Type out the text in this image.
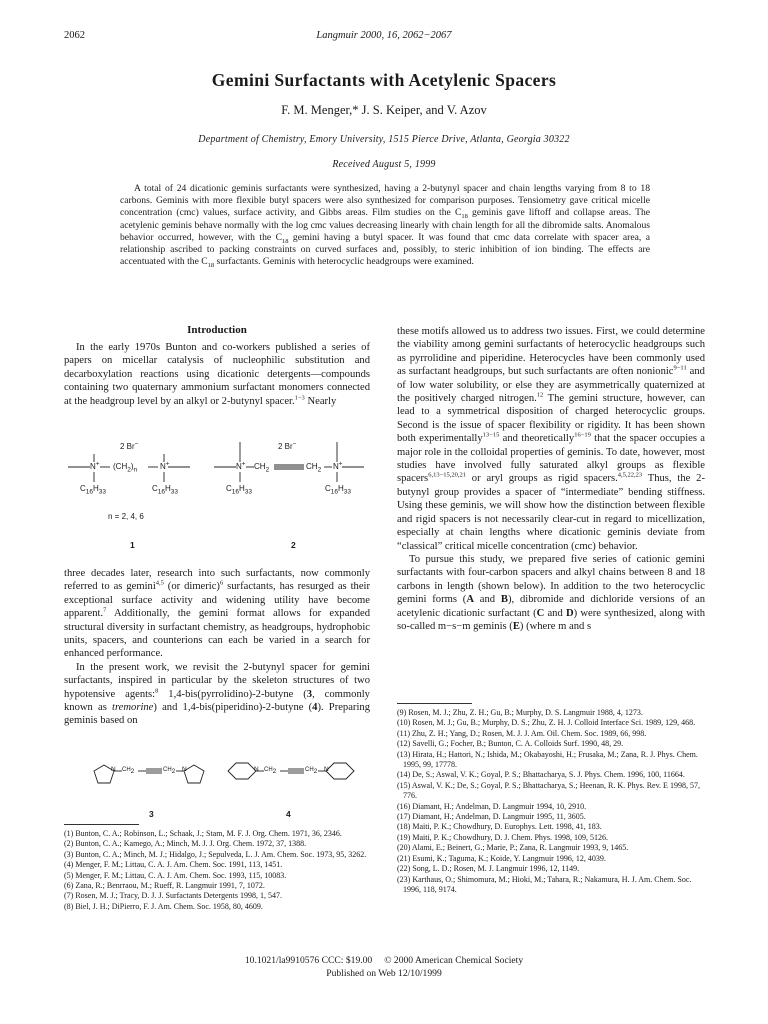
2062	Langmuir 2000, 16, 2062−2067
Gemini Surfactants with Acetylenic Spacers
F. M. Menger,* J. S. Keiper, and V. Azov
Department of Chemistry, Emory University, 1515 Pierce Drive, Atlanta, Georgia 30322
Received August 5, 1999
A total of 24 dicationic geminis surfactants were synthesized, having a 2-butynyl spacer and chain lengths varying from 8 to 18 carbons. Geminis with more flexible butyl spacers were also synthesized for comparison purposes. Tensiometry gave critical micelle concentration (cmc) values, surface activity, and Gibbs areas. Film studies on the $C_{18}$ geminis gave liftoff and collapse areas. The acetylenic geminis behave normally with the log cmc values decreasing linearly with chain length for all the dibromide salts. Anomalous behavior occurred, however, with the $C_{18}$ gemini having a butyl spacer. It was found that cmc data correlate with spacer area, a relationship ascribed to packing constraints on curved surfaces and, possibly, to steric inhibition of ion binding. The effects are accentuated with the $C_{18}$ surfactants. Geminis with heterocyclic headgroups were examined.
Introduction

In the early 1970s Bunton and co-workers published a series of papers on micellar catalysis of nucleophilic substitution and decarboxylation reactions using dicationic detergents—compounds containing two quaternary ammonium surfactant monomers connected at the headgroup level by an alkyl or 2-butynyl spacer.$^{1-3}$ Nearly

2 Br−
N+ $(CH_2)_n$	N+
$C_{16}H_{33}$	$C_{16}H_{33}$
n = 2, 4, 6
1
2 Br−
N+ $CH_2$	$CH_2$ N+
$C_{16}H_{33}$	$C_{16}H_{33}$
2

three decades later, research into such surfactants, now commonly referred to as gemini$^{4,5}$ (or dimeric)$^6$ surfactants, has resurged as their exceptional surface activity and widening utility have become apparent.$^7$ Additionally, the gemini format allows for expanded structural diversity in surfactant chemistry, as headgroups, hydrophobic units, spacers, and counterions can each be varied in a search for enhanced performance.

In the present work, we revisit the 2-butynyl spacer for gemini surfactants, inspired in particular by the skeleton structures of two hypotensive agents:$^8$ 1,4-bis(pyrrolidino)-2-butyne (3, commonly known as tremorine) and 1,4-bis(piperidino)-2-butyne (4). Preparing geminis based on

N $CH_2$	$CH_2$ N
3
N $CH_2$	$CH_2$ N
4
(1) Bunton, C. A.; Robinson, L.; Schaak, J.; Stam, M. F. J. Org. Chem. 1971, 36, 2346.
(2) Bunton, C. A.; Kamego, A.; Minch, M. J. J. Org. Chem. 1972, 37, 1388.
(3) Bunton, C. A.; Minch, M. J.; Hidalgo, J.; Sepulveda, L. J. Am. Chem. Soc. 1973, 95, 3262.
(4) Menger, F. M.; Littau, C. A. J. Am. Chem. Soc. 1991, 113, 1451.
(5) Menger, F. M.; Littau, C. A. J. Am. Chem. Soc. 1993, 115, 10083.
(6) Zana, R.; Benrraou, M.; Rueff, R. Langmuir 1991, 7, 1072.
(7) Rosen, M. J.; Tracy, D. J. J. Surfactants Detergents 1998, 1, 547.
(8) Biel, J. H.; DiPierro, F. J. Am. Chem. Soc. 1958, 80, 4609.

these motifs allowed us to address two issues. First, we could determine the viability among gemini surfactants of heterocyclic headgroups such as pyrrolidine and piperidine. Heterocycles have been commonly used as surfactant headgroups, but such surfactants are often nonionic$^{9-11}$ and of low water solubility, or else they are asymmetrically quaternized at the positively charged nitrogen.$^{12}$ The gemini structure, however, can lead to a symmetrical disposition of charged heterocyclic groups. Second is the issue of spacer flexibility or rigidity. It has been shown both experimentally$^{13-15}$ and theoretically$^{16-19}$ that the spacer occupies a major role in the colloidal properties of geminis. To date, however, most studies have involved fully saturated alkyl groups as flexible spacers$^{6,13-15,20,21}$ or aryl groups as rigid spacers.$^{4,5,22,23}$ Thus, the 2-butynyl group provides a spacer of “intermediate” bending stiffness. Using these geminis, we will show how the distinction between flexible and rigid spacers is not necessarily clear-cut in regard to micellization, especially at chain lengths where dicationic geminis deviate from “classical” critical micelle concentration (cmc) behavior.

To pursue this study, we prepared five series of cationic gemini surfactants with four-carbon spacers and alkyl chains between 8 and 18 carbons in length (shown below). In addition to the two heterocyclic gemini forms (A and B), dibromide and dichloride versions of an acetylenic dicationic surfactant (C and D) were synthesized, along with so-called m−s−m geminis (E) (where m and s

(9) Rosen, M. J.; Zhu, Z. H.; Gu, B.; Murphy, D. S. Langmuir 1988, 4, 1273.
(10) Rosen, M. J.; Gu, B.; Murphy, D. S.; Zhu, Z. H. J. Colloid Interface Sci. 1989, 129, 468.
(11) Zhu, Z. H.; Yang, D.; Rosen, M. J. J. Am. Oil. Chem. Soc. 1989, 66, 998.
(12) Savelli, G.; Focher, B.; Bunton, C. A. Colloids Surf. 1990, 48, 29.
(13) Hirata, H.; Hattori, N.; Ishida, M.; Okabayoshi, H.; Frusaka, M.; Zana, R. J. Phys. Chem. 1995, 99, 17778.
(14) De, S.; Aswal, V. K.; Goyal, P. S.; Bhattacharya, S. J. Phys. Chem. 1996, 100, 11664.
(15) Aswal, V. K.; De, S.; Goyal, P. S.; Bhattacharya, S.; Heenan, R. K. Phys. Rev. E 1998, 57, 776.
(16) Diamant, H.; Andelman, D. Langmuir 1994, 10, 2910.
(17) Diamant, H.; Andelman, D. Langmuir 1995, 11, 3605.
(18) Maiti, P. K.; Chowdhury, D. Europhys. Lett. 1998, 41, 183.
(19) Maiti, P. K.; Chowdhury, D. J. Chem. Phys. 1998, 109, 5126.
(20) Alami, E.; Beinert, G.; Marie, P.; Zana, R. Langmuir 1993, 9, 1465.
(21) Esumi, K.; Taguma, K.; Koide, Y. Langmuir 1996, 12, 4039.
(22) Song, L. D.; Rosen, M. J. Langmuir 1996, 12, 1149.
(23) Karthaus, O.; Shimomura, M.; Hioki, M.; Tahara, R.; Nakamura, H. J. Am. Chem. Soc. 1996, 118, 9174.
10.1021/la9910576 CCC: $19.00     © 2000 American Chemical Society
Published on Web 12/10/1999
